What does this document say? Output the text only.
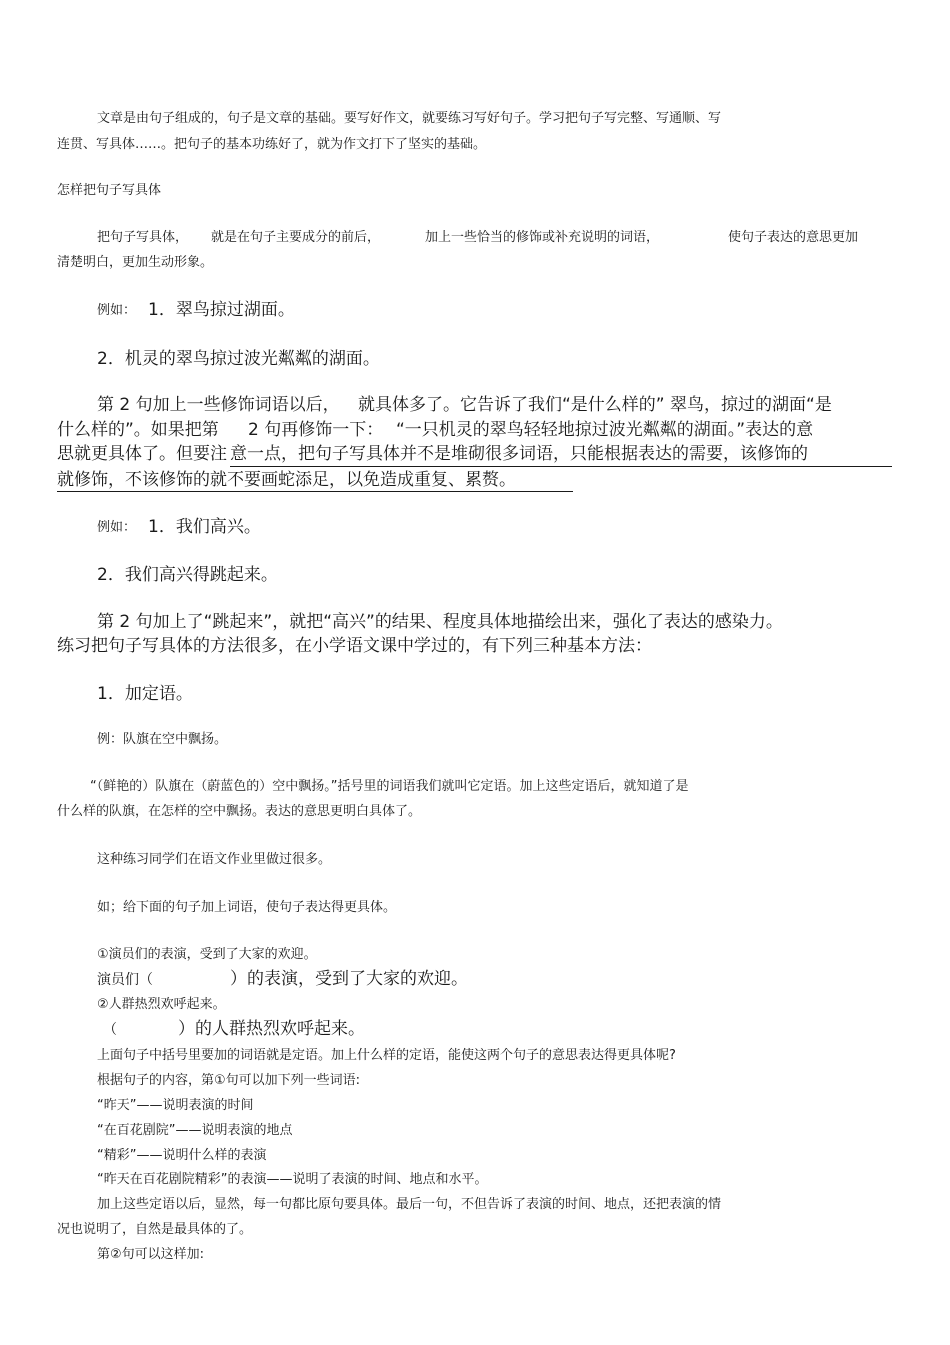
文章是由句子组成的，句子是文章的基础。要写好作文，就要练习写好句子。学习把句子写完整、写通顺、写
连贯、写具体……。把句子的基本功练好了，就为作文打下了坚实的基础。
怎样把句子写具体
把句子写具体， 就是在句子主要成分的前后，	加上一些恰当的修饰或补充说明的词语，	使句子表达的意思更加
清楚明白，更加生动形象。
例如： 1．翠鸟掠过湖面。
2．机灵的翠鸟掠过波光粼粼的湖面。
第 2 句加上一些修饰词语以后， 就具体多了。它告诉了我们“是什么样的” 翠鸟，掠过的湖面“是
什么样的”。如果把第 2 句再修饰一下： “一只机灵的翠鸟轻轻地掠过波光粼粼的湖面。”表达的意
思就更具体了。但要注 意一点，把句子写具体并不是堆砌很多词语，只能根据表达的需要，该修饰的
就修饰，不该修饰的就不要画蛇添足，以免造成重复、累赘。
例如： 1．我们高兴。
2．我们高兴得跳起来。
第 2 句加上了“跳起来”，就把“高兴”的结果、程度具体地描绘出来，强化了表达的感染力。
练习把句子写具体的方法很多，在小学语文课中学过的，有下列三种基本方法：
1．加定语。
例：队旗在空中飘扬。
“（鲜艳的）队旗在（蔚蓝色的）空中飘扬。”括号里的词语我们就叫它定语。加上这些定语后，就知道了是
什么样的队旗，在怎样的空中飘扬。表达的意思更明白具体了。
这种练习同学们在语文作业里做过很多。
如；给下面的句子加上词语，使句子表达得更具体。
①演员们的表演，受到了大家的欢迎。
演员们（	）的表演，受到了大家的欢迎。
②人群热烈欢呼起来。
（	）的人群热烈欢呼起来。
上面句子中括号里要加的词语就是定语。加上什么样的定语，能使这两个句子的意思表达得更具体呢?
根据句子的内容，第①句可以加下列一些词语:
“昨天”——说明表演的时间
“在百花剧院”——说明表演的地点
“精彩”——说明什么样的表演
“昨天在百花剧院精彩”的表演——说明了表演的时间、地点和水平。
加上这些定语以后，显然，每一句都比原句要具体。最后一句，不但告诉了表演的时间、地点，还把表演的情
况也说明了，自然是最具体的了。
第②句可以这样加:
